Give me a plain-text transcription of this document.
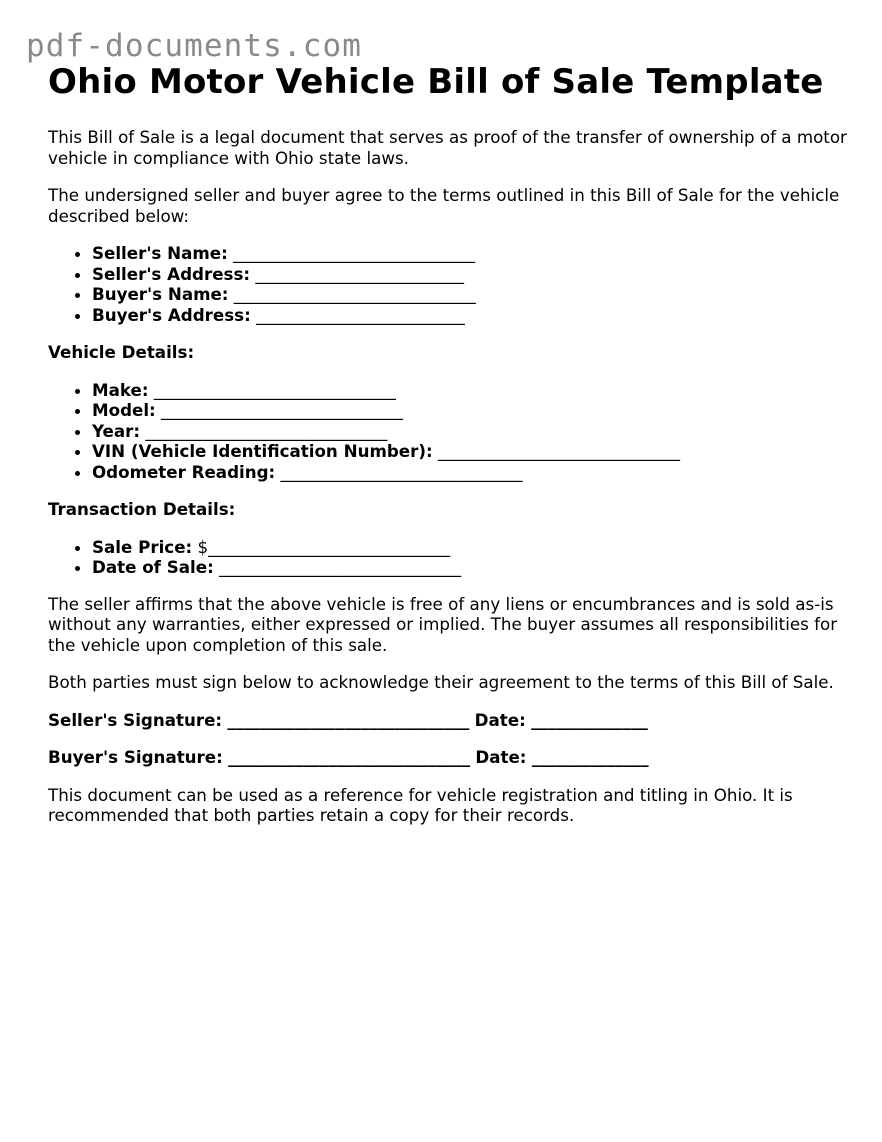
pdf-documents.com
Ohio Motor Vehicle Bill of Sale Template

This Bill of Sale is a legal document that serves as proof of the transfer of ownership of a motor vehicle in compliance with Ohio state laws.

The undersigned seller and buyer agree to the terms outlined in this Bill of Sale for the vehicle described below:

• Seller's Name: _____________________________
• Seller's Address: _________________________
• Buyer's Name: _____________________________
• Buyer's Address: _________________________
Vehicle Details:
• Make: _____________________________
• Model: _____________________________
• Year: _____________________________
• VIN (Vehicle Identification Number): _____________________________
• Odometer Reading: _____________________________
Transaction Details:
• Sale Price: $_____________________________
• Date of Sale: _____________________________

The seller affirms that the above vehicle is free of any liens or encumbrances and is sold as-is without any warranties, either expressed or implied. The buyer assumes all responsibilities for the vehicle upon completion of this sale.

Both parties must sign below to acknowledge their agreement to the terms of this Bill of Sale.

Seller's Signature: _____________________________ Date: ______________
Buyer's Signature: _____________________________ Date: ______________

This document can be used as a reference for vehicle registration and titling in Ohio. It is recommended that both parties retain a copy for their records.
